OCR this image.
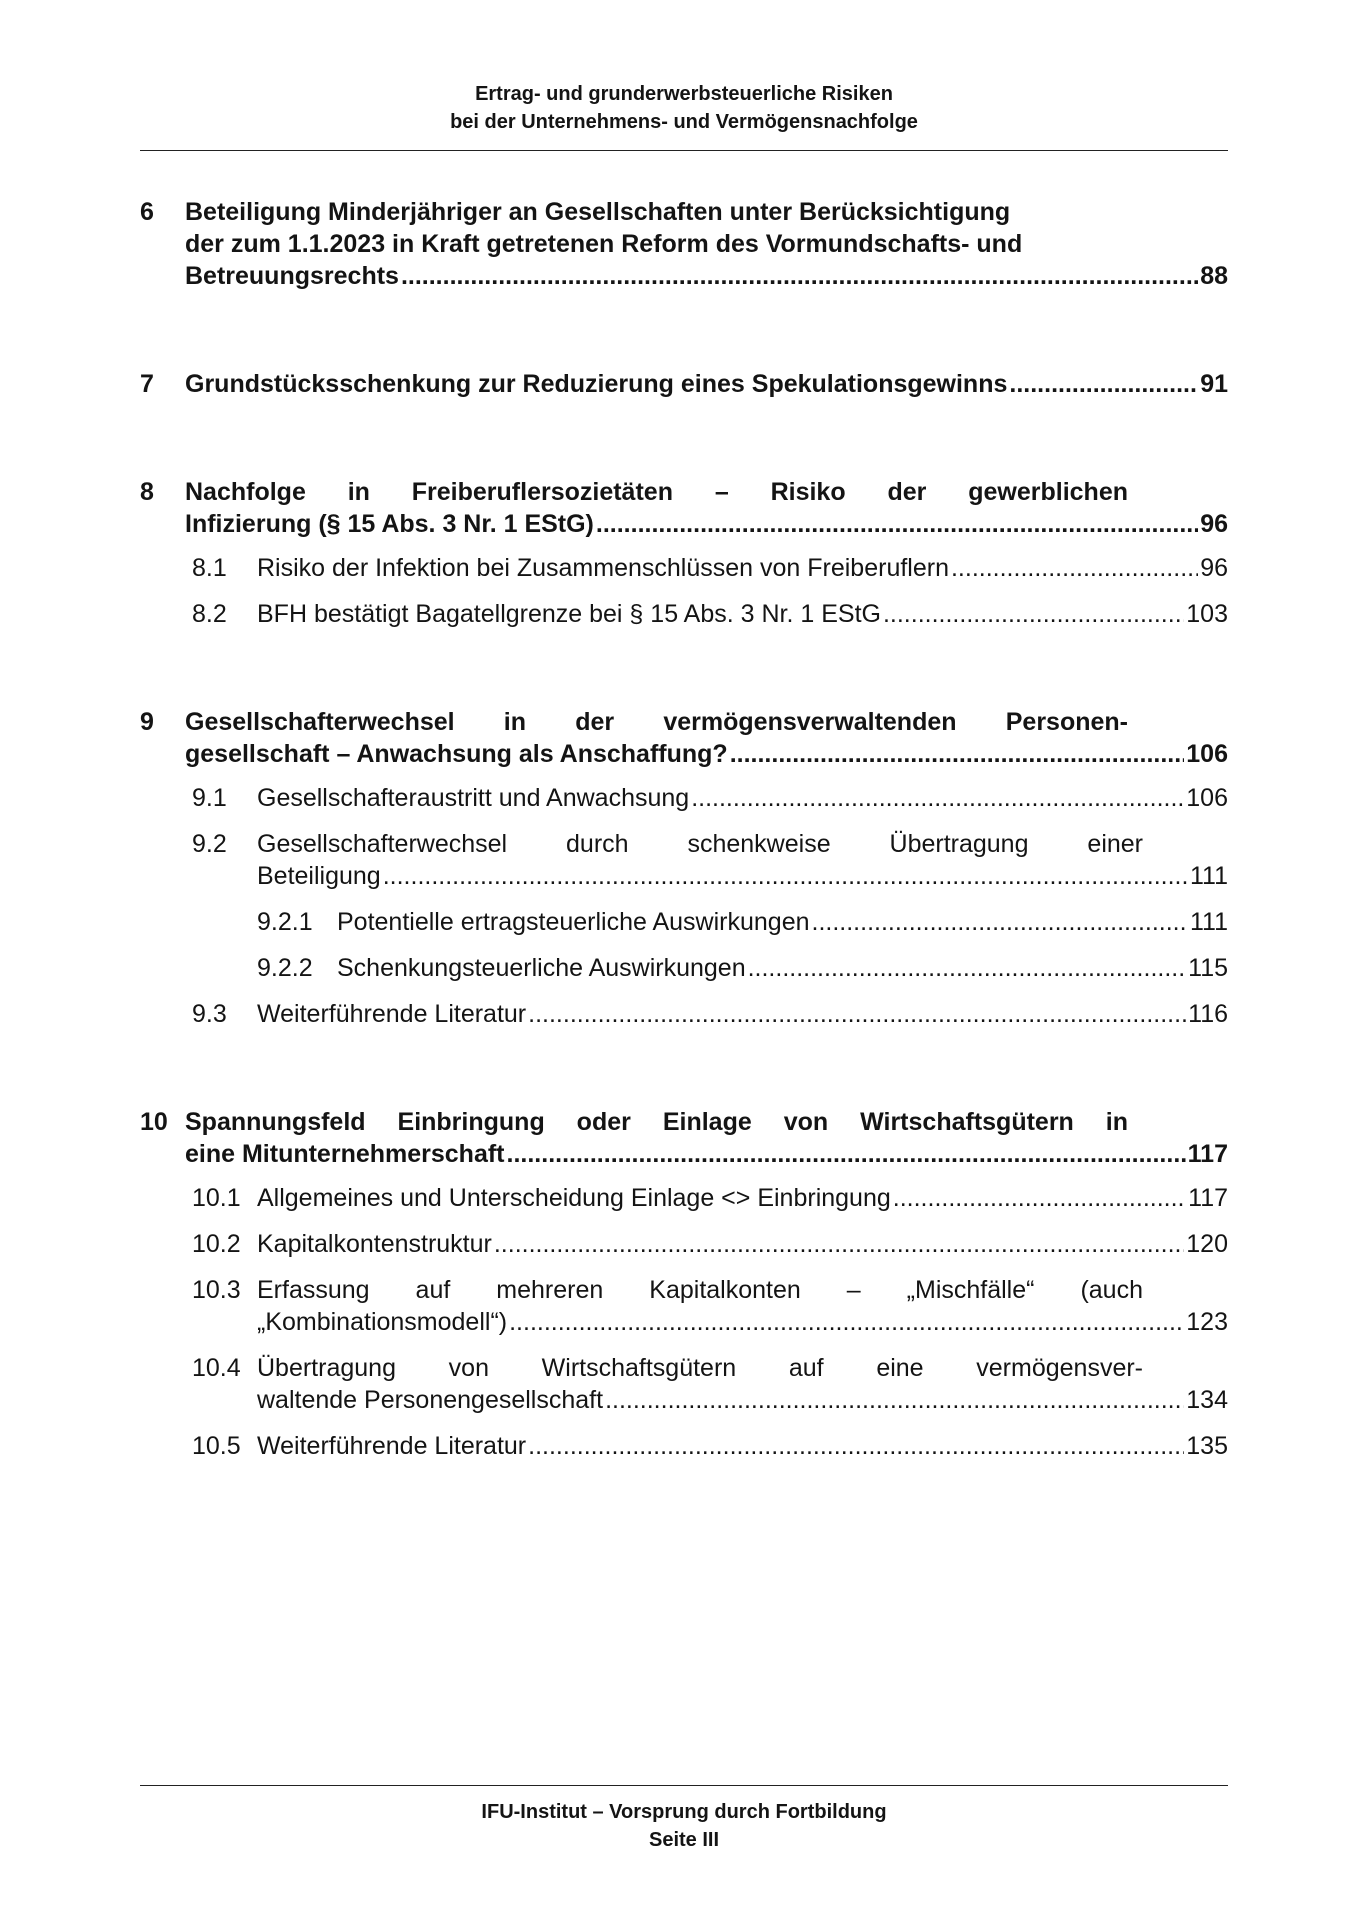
Ertrag- und grunderwerbsteuerliche Risiken
bei der Unternehmens- und Vermögensnachfolge
6 Beteiligung Minderjähriger an Gesellschaften unter Berücksichtigung
der zum 1.1.2023 in Kraft getretenen Reform des Vormundschafts- und
Betreuungsrechts .....	88
7 Grundstücksschenkung zur Reduzierung eines Spekulationsgewinns .....	91
8 Nachfolge in Freiberuflersozietäten – Risiko der gewerblichen
Infizierung (§ 15 Abs. 3 Nr. 1 EStG) .....	96
8.1 Risiko der Infektion bei Zusammenschlüssen von Freiberuflern .....	96
8.2 BFH bestätigt Bagatellgrenze bei § 15 Abs. 3 Nr. 1 EStG .....	103
9 Gesellschafterwechsel in der vermögensverwaltenden Personen-
gesellschaft – Anwachsung als Anschaffung? .....	106
9.1 Gesellschafteraustritt und Anwachsung .....	106
9.2 Gesellschafterwechsel durch schenkweise Übertragung einer
Beteiligung .....	111
9.2.1 Potentielle ertragsteuerliche Auswirkungen .....	111
9.2.2 Schenkungsteuerliche Auswirkungen .....	115
9.3 Weiterführende Literatur .....	116
10 Spannungsfeld Einbringung oder Einlage von Wirtschaftsgütern in
eine Mitunternehmerschaft .....	117
10.1 Allgemeines und Unterscheidung Einlage <> Einbringung .....	117
10.2 Kapitalkontenstruktur .....	120
10.3 Erfassung auf mehreren Kapitalkonten – „Mischfälle“ (auch
„Kombinationsmodell“) .....	123
10.4 Übertragung von Wirtschaftsgütern auf eine vermögensver-
waltende Personengesellschaft .....	134
10.5 Weiterführende Literatur .....	135
IFU-Institut – Vorsprung durch Fortbildung
Seite III
